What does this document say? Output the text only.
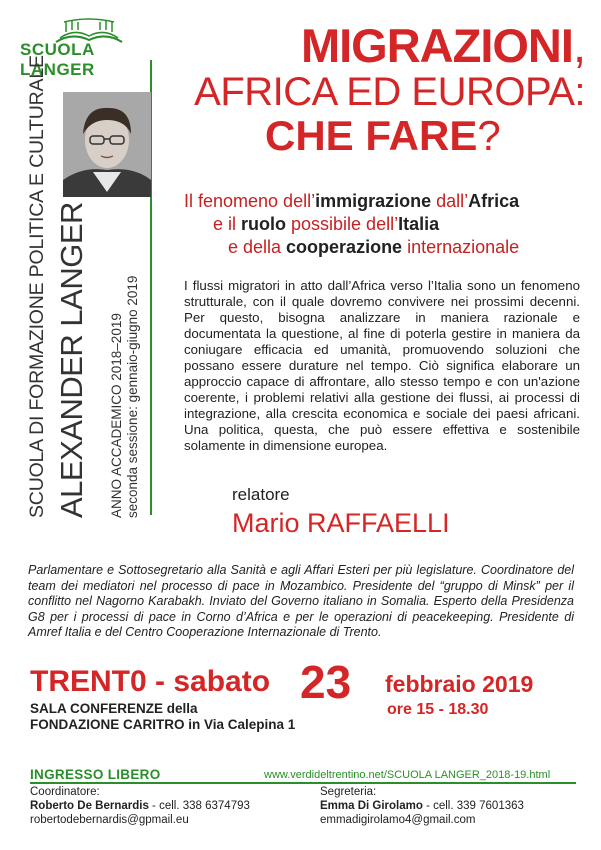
SCUOLA LANGER
SCUOLA DI FORMAZIONE POLITICA E CULTURALE ALEXANDER LANGER ANNO ACCADEMICO 2018–2019 seconda sessione: gennaio-giugno 2019
MIGRAZIONI,
AFRICA ED EUROPA:
CHE FARE?
Il fenomeno dell’immigrazione dall’Africa
e il ruolo possibile dell’Italia
e della cooperazione internazionale
I flussi migratori in atto dall’Africa verso l’Italia sono un fenomeno strutturale, con il quale dovremo convivere nei prossimi decenni. Per questo, bisogna analizzare in maniera razionale e documentata la questione, al fine di poterla gestire in maniera da coniugare efficacia ed umanità, promuovendo soluzioni che possano essere durature nel tempo. Ciò significa elaborare un approccio capace di affrontare, allo stesso tempo e con un'azione coerente, i problemi relativi alla gestione dei flussi, ai processi di integrazione, alla crescita economica e sociale dei paesi africani. Una politica, questa, che può essere effettiva e sostenibile solamente in dimensione europea.
relatore
Mario RAFFAELLI
Parlamentare e Sottosegretario alla Sanità e agli Affari Esteri per più legislature. Coordinatore del team dei mediatori nel processo di pace in Mozambico. Presidente del “gruppo di Minsk” per il conflitto nel Nagorno Karabakh. Inviato del Governo italiano in Somalia. Esperto della Presidenza G8 per i processi di pace in Corno d’Africa e per le operazioni di peacekeeping. Presidente di Amref Italia e del Centro Cooperazione Internazionale di Trento.
TRENT0 - sabato 23 febbraio 2019
SALA CONFERENZE della
FONDAZIONE CARITRO in Via Calepina 1
ore 15 - 18.30
INGRESSO LIBERO	www.verdideltrentino.net/SCUOLA LANGER_2018-19.html
Coordinatore:
Roberto De Bernardis - cell. 338 6374793
robertodebernardis@gpmail.eu
Segreteria:
Emma Di Girolamo - cell. 339 7601363
emmadigirolamo4@gmail.com
